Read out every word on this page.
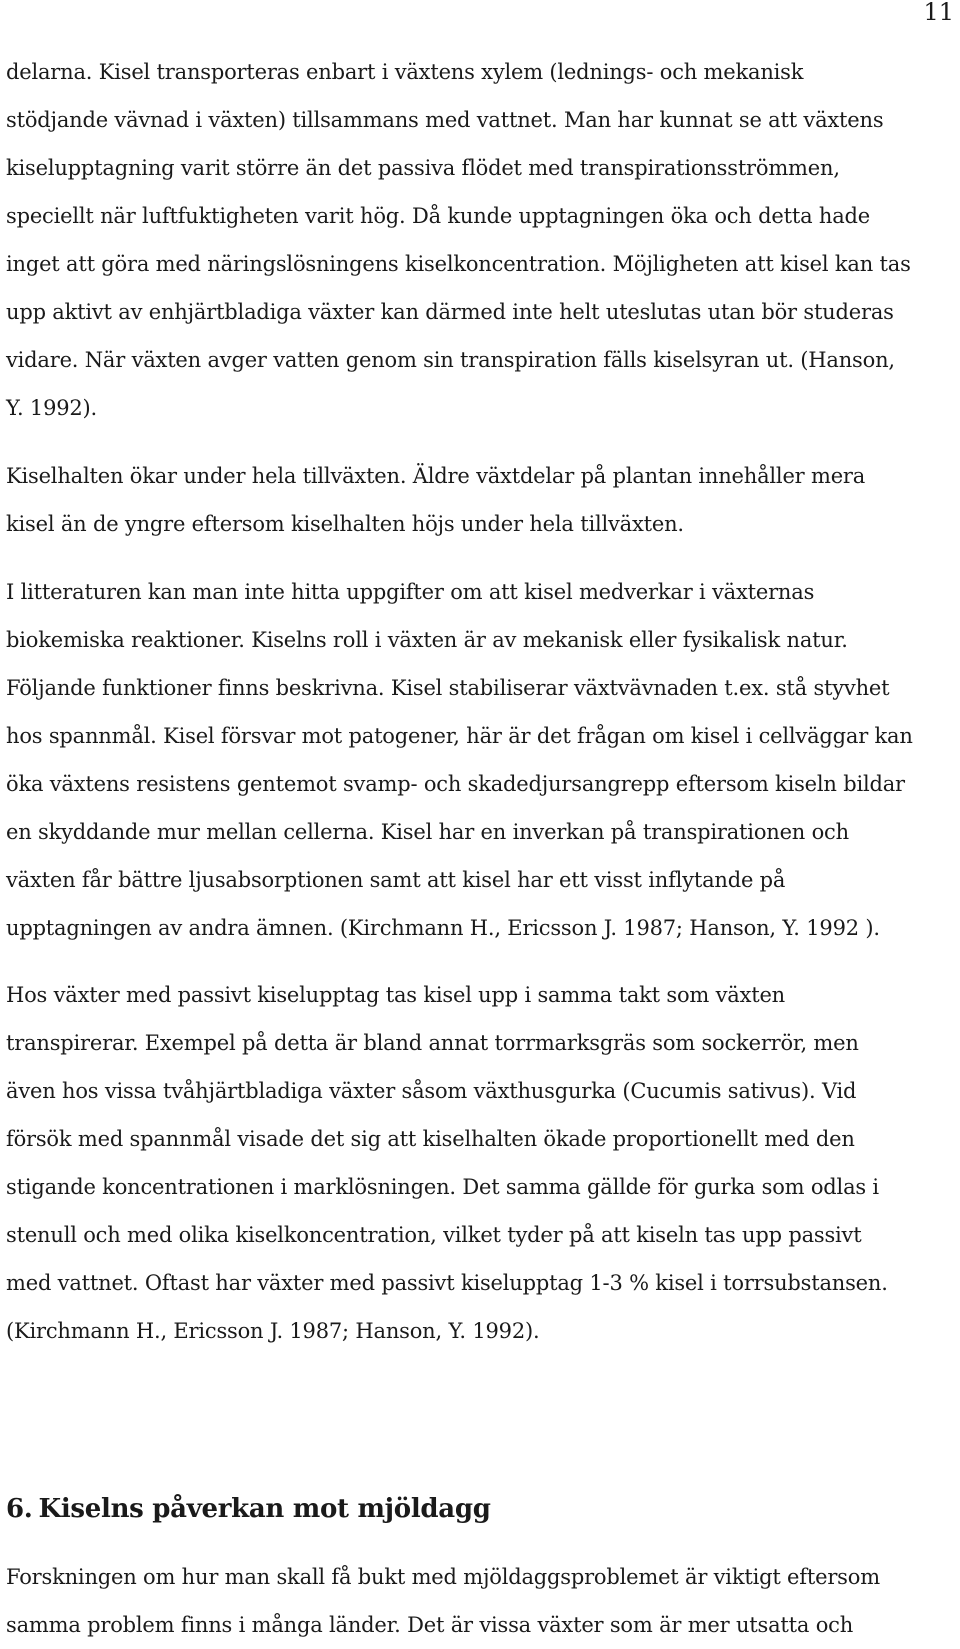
11

delarna. Kisel transporteras enbart i växtens xylem (lednings- och mekanisk
stödjande vävnad i växten) tillsammans med vattnet. Man har kunnat se att växtens
kiselupptagning varit större än det passiva flödet med transpirationsströmmen,
speciellt när luftfuktigheten varit hög. Då kunde upptagningen öka och detta hade
inget att göra med näringslösningens kiselkoncentration. Möjligheten att kisel kan tas
upp aktivt av enhjärtbladiga växter kan därmed inte helt uteslutas utan bör studeras
vidare. När växten avger vatten genom sin transpiration fälls kiselsyran ut. (Hanson,
Y. 1992).

Kiselhalten ökar under hela tillväxten. Äldre växtdelar på plantan innehåller mera
kisel än de yngre eftersom kiselhalten höjs under hela tillväxten.

I litteraturen kan man inte hitta uppgifter om att kisel medverkar i växternas
biokemiska reaktioner. Kiselns roll i växten är av mekanisk eller fysikalisk natur.
Följande funktioner finns beskrivna. Kisel stabiliserar växtvävnaden t.ex. stå styvhet
hos spannmål. Kisel försvar mot patogener, här är det frågan om kisel i cellväggar kan
öka växtens resistens gentemot svamp- och skadedjursangrepp eftersom kiseln bildar
en skyddande mur mellan cellerna. Kisel har en inverkan på transpirationen och
växten får bättre ljusabsorptionen samt att kisel har ett visst inflytande på
upptagningen av andra ämnen. (Kirchmann H., Ericsson J. 1987; Hanson, Y. 1992 ).

Hos växter med passivt kiselupptag tas kisel upp i samma takt som växten
transpirerar. Exempel på detta är bland annat torrmarksgräs som sockerrör, men
även hos vissa tvåhjärtbladiga växter såsom växthusgurka (Cucumis sativus). Vid
försök med spannmål visade det sig att kiselhalten ökade proportionellt med den
stigande koncentrationen i marklösningen. Det samma gällde för gurka som odlas i
stenull och med olika kiselkoncentration, vilket tyder på att kiseln tas upp passivt
med vattnet. Oftast har växter med passivt kiselupptag 1-3 % kisel i torrsubstansen.
(Kirchmann H., Ericsson J. 1987; Hanson, Y. 1992).

6. Kiselns påverkan mot mjöldagg

Forskningen om hur man skall få bukt med mjöldaggsproblemet är viktigt eftersom
samma problem finns i många länder. Det är vissa växter som är mer utsatta och
